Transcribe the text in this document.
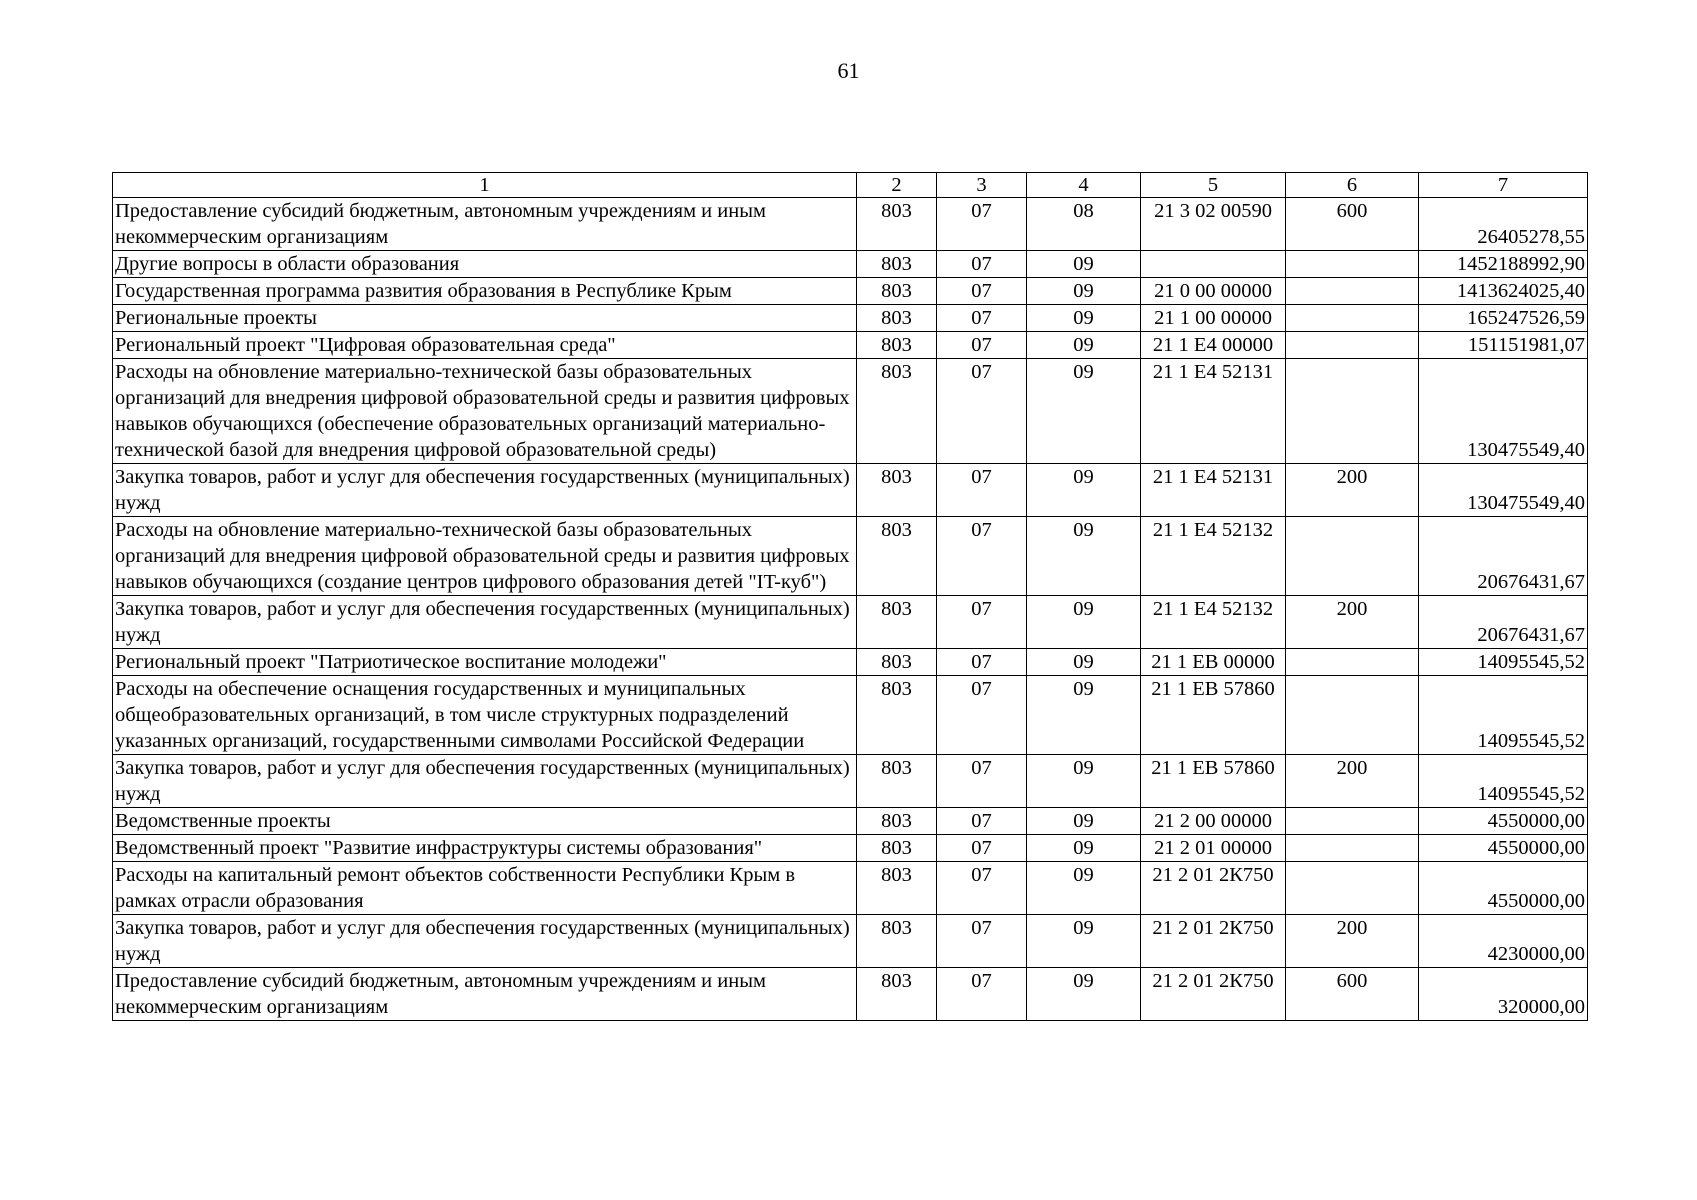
61
1	2	3	4	5	6	7
Предоставление субсидий бюджетным, автономным учреждениям и иным некоммерческим организациям	803	07	08	21 3 02 00590	600	26405278,55
Другие вопросы в области образования	803	07	09			1452188992,90
Государственная программа развития образования в Республике Крым	803	07	09	21 0 00 00000		1413624025,40
Региональные проекты	803	07	09	21 1 00 00000		165247526,59
Региональный проект "Цифровая образовательная среда"	803	07	09	21 1 Е4 00000		151151981,07
Расходы на обновление материально-технической базы образовательных организаций для внедрения цифровой образовательной среды и развития цифровых навыков обучающихся (обеспечение образовательных организаций материально-технической базой для внедрения цифровой образовательной среды)	803	07	09	21 1 Е4 52131		130475549,40
Закупка товаров, работ и услуг для обеспечения государственных (муниципальных) нужд	803	07	09	21 1 Е4 52131	200	130475549,40
Расходы на обновление материально-технической базы образовательных организаций для внедрения цифровой образовательной среды и развития цифровых навыков обучающихся (создание центров цифрового образования детей "IT-куб")	803	07	09	21 1 Е4 52132		20676431,67
Закупка товаров, работ и услуг для обеспечения государственных (муниципальных) нужд	803	07	09	21 1 Е4 52132	200	20676431,67
Региональный проект "Патриотическое воспитание молодежи"	803	07	09	21 1 ЕВ 00000		14095545,52
Расходы на обеспечение оснащения государственных и муниципальных общеобразовательных организаций, в том числе структурных подразделений указанных организаций, государственными символами Российской Федерации	803	07	09	21 1 ЕВ 57860		14095545,52
Закупка товаров, работ и услуг для обеспечения государственных (муниципальных) нужд	803	07	09	21 1 ЕВ 57860	200	14095545,52
Ведомственные проекты	803	07	09	21 2 00 00000		4550000,00
Ведомственный проект "Развитие инфраструктуры системы образования"	803	07	09	21 2 01 00000		4550000,00
Расходы на капитальный ремонт объектов собственности Республики Крым в рамках отрасли образования	803	07	09	21 2 01 2К750		4550000,00
Закупка товаров, работ и услуг для обеспечения государственных (муниципальных) нужд	803	07	09	21 2 01 2К750	200	4230000,00
Предоставление субсидий бюджетным, автономным учреждениям и иным некоммерческим организациям	803	07	09	21 2 01 2К750	600	320000,00
